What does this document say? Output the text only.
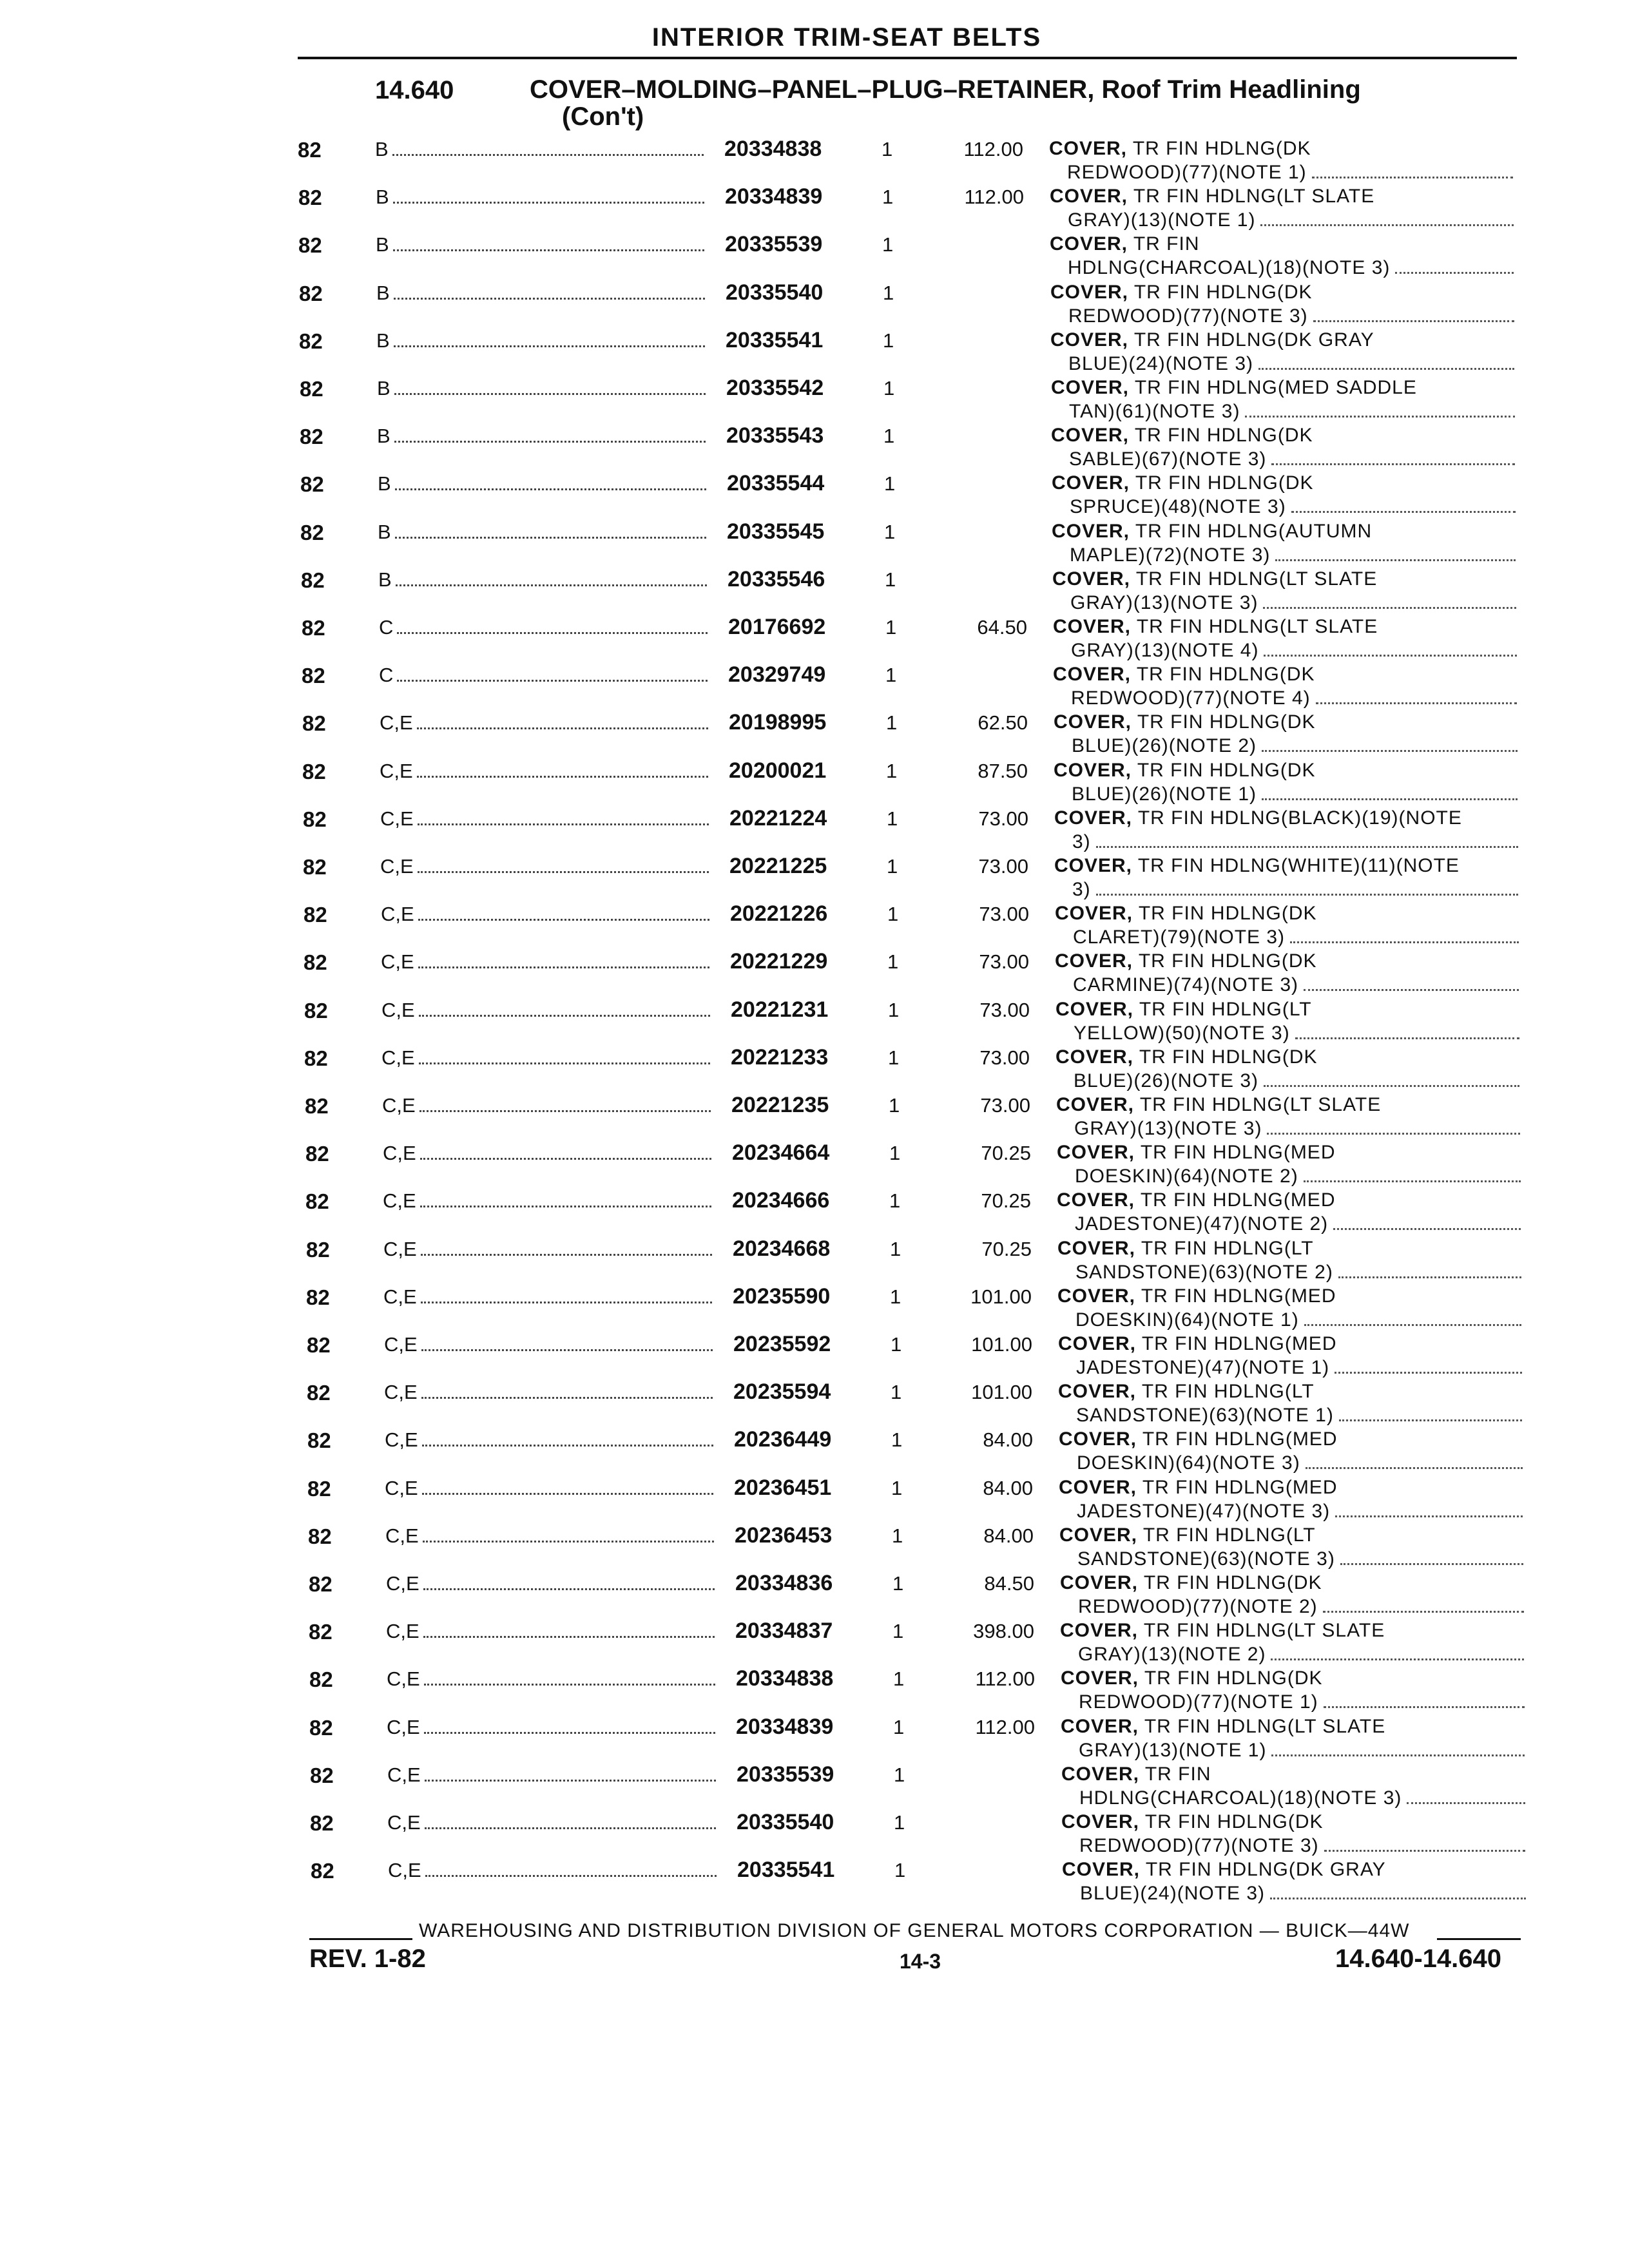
INTERIOR TRIM-SEAT BELTS
14.640	COVER–MOLDING–PANEL–PLUG–RETAINER, Roof Trim Headlining
(Con't)
82	B	20334838	1	112.00 COVER, TR FIN HDLNG(DK
REDWOOD)(77)(NOTE 1)
82	B	20334839	1	112.00 COVER, TR FIN HDLNG(LT SLATE
GRAY)(13)(NOTE 1)
82	B	20335539	1	COVER, TR FIN
HDLNG(CHARCOAL)(18)(NOTE 3)
82	B	20335540	1	COVER, TR FIN HDLNG(DK
REDWOOD)(77)(NOTE 3)
82	B	20335541	1	COVER, TR FIN HDLNG(DK GRAY
BLUE)(24)(NOTE 3)
82	B	20335542	1	COVER, TR FIN HDLNG(MED SADDLE
TAN)(61)(NOTE 3)
82	B	20335543	1	COVER, TR FIN HDLNG(DK
SABLE)(67)(NOTE 3)
82	B	20335544	1	COVER, TR FIN HDLNG(DK
SPRUCE)(48)(NOTE 3)
82	B	20335545	1	COVER, TR FIN HDLNG(AUTUMN
MAPLE)(72)(NOTE 3)
82	B	20335546	1	COVER, TR FIN HDLNG(LT SLATE
GRAY)(13)(NOTE 3)
82	C	20176692	1	64.50 COVER, TR FIN HDLNG(LT SLATE
GRAY)(13)(NOTE 4)
82	C	20329749	1	COVER, TR FIN HDLNG(DK
REDWOOD)(77)(NOTE 4)
82	C,E	20198995	1	62.50 COVER, TR FIN HDLNG(DK
BLUE)(26)(NOTE 2)
82	C,E	20200021	1	87.50 COVER, TR FIN HDLNG(DK
BLUE)(26)(NOTE 1)
82	C,E	20221224	1	73.00 COVER, TR FIN HDLNG(BLACK)(19)(NOTE
3)
82	C,E	20221225	1	73.00 COVER, TR FIN HDLNG(WHITE)(11)(NOTE
3)
82	C,E	20221226	1	73.00 COVER, TR FIN HDLNG(DK
CLARET)(79)(NOTE 3)
82	C,E	20221229	1	73.00 COVER, TR FIN HDLNG(DK
CARMINE)(74)(NOTE 3)
82	C,E	20221231	1	73.00 COVER, TR FIN HDLNG(LT
YELLOW)(50)(NOTE 3)
82	C,E	20221233	1	73.00 COVER, TR FIN HDLNG(DK
BLUE)(26)(NOTE 3)
82	C,E	20221235	1	73.00 COVER, TR FIN HDLNG(LT SLATE
GRAY)(13)(NOTE 3)
82	C,E	20234664	1	70.25 COVER, TR FIN HDLNG(MED
DOESKIN)(64)(NOTE 2)
82	C,E	20234666	1	70.25 COVER, TR FIN HDLNG(MED
JADESTONE)(47)(NOTE 2)
82	C,E	20234668	1	70.25 COVER, TR FIN HDLNG(LT
SANDSTONE)(63)(NOTE 2)
82	C,E	20235590	1	101.00 COVER, TR FIN HDLNG(MED
DOESKIN)(64)(NOTE 1)
82	C,E	20235592	1	101.00 COVER, TR FIN HDLNG(MED
JADESTONE)(47)(NOTE 1)
82	C,E	20235594	1	101.00 COVER, TR FIN HDLNG(LT
SANDSTONE)(63)(NOTE 1)
82	C,E	20236449	1	84.00 COVER, TR FIN HDLNG(MED
DOESKIN)(64)(NOTE 3)
82	C,E	20236451	1	84.00 COVER, TR FIN HDLNG(MED
JADESTONE)(47)(NOTE 3)
82	C,E	20236453	1	84.00 COVER, TR FIN HDLNG(LT
SANDSTONE)(63)(NOTE 3)
82	C,E	20334836	1	84.50 COVER, TR FIN HDLNG(DK
REDWOOD)(77)(NOTE 2)
82	C,E	20334837	1	398.00 COVER, TR FIN HDLNG(LT SLATE
GRAY)(13)(NOTE 2)
82	C,E	20334838	1	112.00 COVER, TR FIN HDLNG(DK
REDWOOD)(77)(NOTE 1)
82	C,E	20334839	1	112.00 COVER, TR FIN HDLNG(LT SLATE
GRAY)(13)(NOTE 1)
82	C,E	20335539	1	COVER, TR FIN
HDLNG(CHARCOAL)(18)(NOTE 3)
82	C,E	20335540	1	COVER, TR FIN HDLNG(DK
REDWOOD)(77)(NOTE 3)
82	C,E	20335541	1	COVER, TR FIN HDLNG(DK GRAY
BLUE)(24)(NOTE 3)
WAREHOUSING AND DISTRIBUTION DIVISION OF GENERAL MOTORS CORPORATION — BUICK—44W
REV. 1-82	14-3	14.640-14.640
